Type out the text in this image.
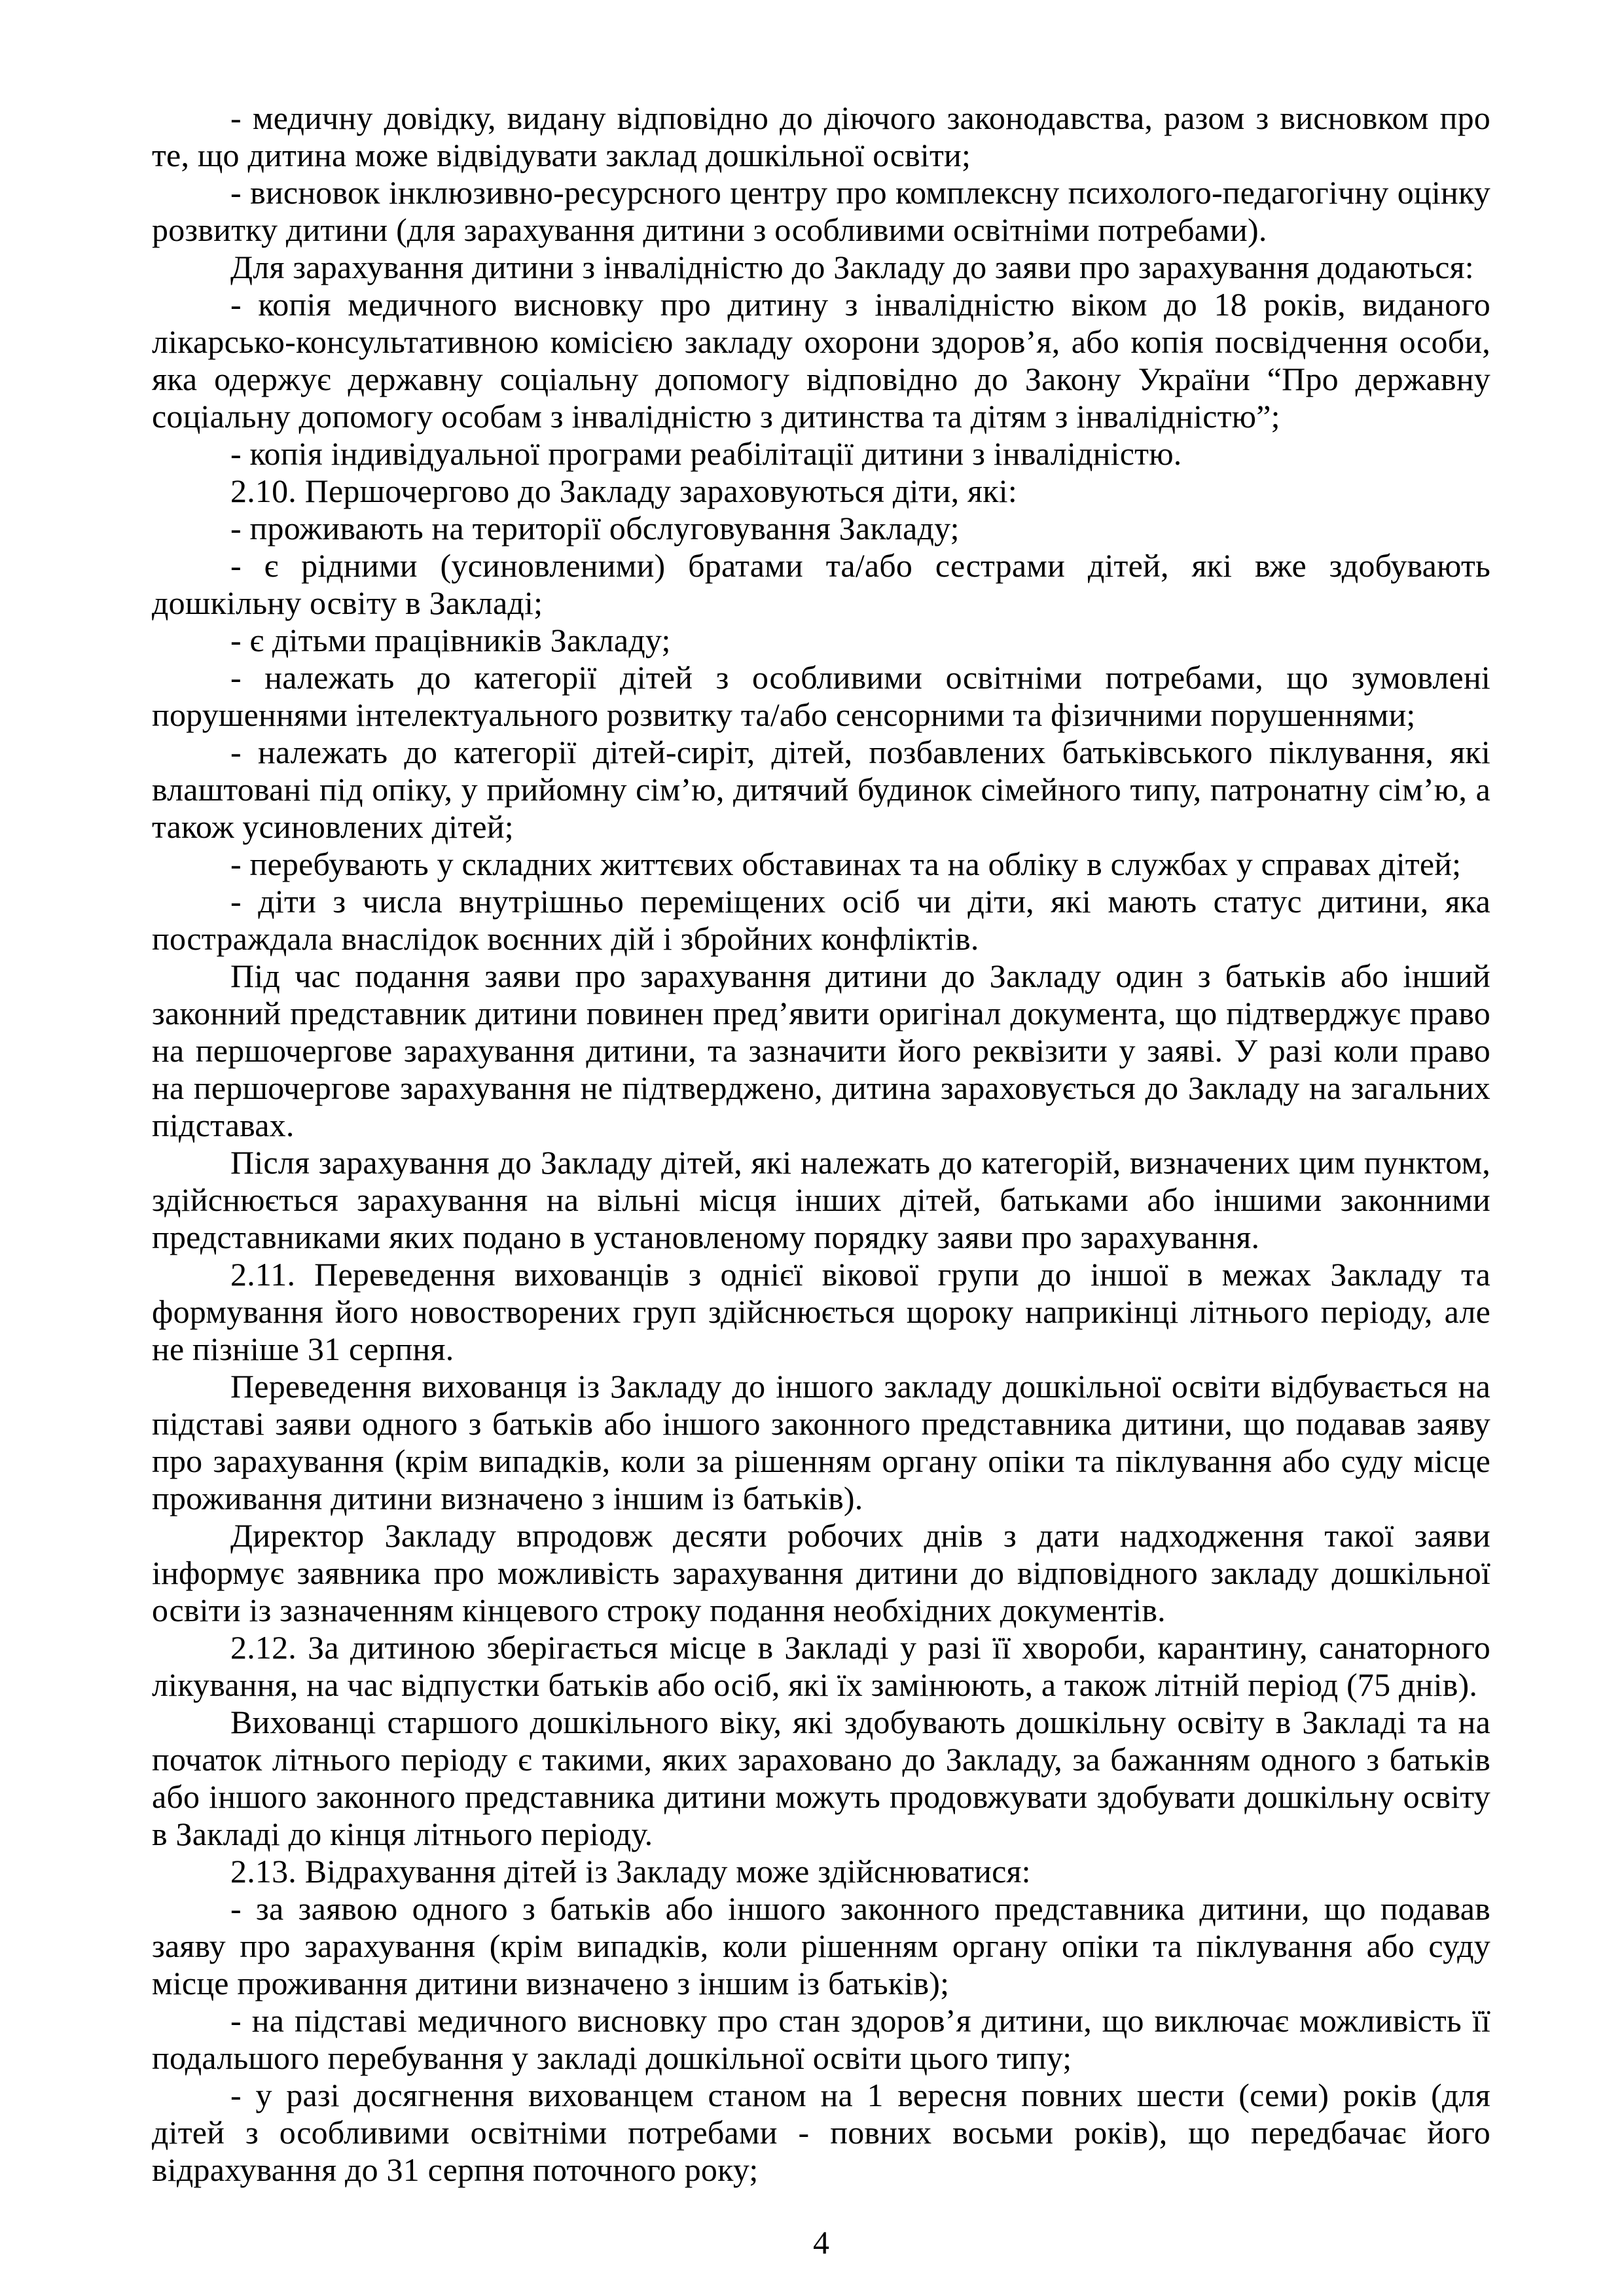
- медичну довідку, видану відповідно до діючого законодавства, разом з висновком про те, що дитина може відвідувати заклад дошкільної освіти;

- висновок інклюзивно-ресурсного центру про комплексну психолого-педагогічну оцінку розвитку дитини (для зарахування дитини з особливими освітніми потребами).

Для зарахування дитини з інвалідністю до Закладу до заяви про зарахування додаються:

- копія медичного висновку про дитину з інвалідністю віком до 18 років, виданого лікарсько-консультативною комісією закладу охорони здоров’я, або копія посвідчення особи, яка одержує державну соціальну допомогу відповідно до Закону України “Про державну соціальну допомогу особам з інвалідністю з дитинства та дітям з інвалідністю”;

- копія індивідуальної програми реабілітації дитини з інвалідністю.

2.10. Першочергово до Закладу зараховуються діти, які:

- проживають на території обслуговування Закладу;

- є рідними (усиновленими) братами та/або сестрами дітей, які вже здобувають дошкільну освіту в Закладі;

- є дітьми працівників Закладу;

- належать до категорії дітей з особливими освітніми потребами, що зумовлені порушеннями інтелектуального розвитку та/або сенсорними та фізичними порушеннями;

- належать до категорії дітей-сиріт, дітей, позбавлених батьківського піклування, які влаштовані під опіку, у прийомну сім’ю, дитячий будинок сімейного типу, патронатну сім’ю, а також усиновлених дітей;

- перебувають у складних життєвих обставинах та на обліку в службах у справах дітей;

- діти з числа внутрішньо переміщених осіб чи діти, які мають статус дитини, яка постраждала внаслідок воєнних дій і збройних конфліктів.

Під час подання заяви про зарахування дитини до Закладу один з батьків або інший законний представник дитини повинен пред’явити оригінал документа, що підтверджує право на першочергове зарахування дитини, та зазначити його реквізити у заяві. У разі коли право на першочергове зарахування не підтверджено, дитина зараховується до Закладу на загальних підставах.

Після зарахування до Закладу дітей, які належать до категорій, визначених цим пунктом, здійснюється зарахування на вільні місця інших дітей, батьками або іншими законними представниками яких подано в установленому порядку заяви про зарахування.

2.11. Переведення вихованців з однієї вікової групи до іншої в межах Закладу та формування його новостворених груп здійснюється щороку наприкінці літнього періоду, але не пізніше 31 серпня.

Переведення вихованця із Закладу до іншого закладу дошкільної освіти відбувається на підставі заяви одного з батьків або іншого законного представника дитини, що подавав заяву про зарахування (крім випадків, коли за рішенням органу опіки та піклування або суду місце проживання дитини визначено з іншим із батьків).

Директор Закладу впродовж десяти робочих днів з дати надходження такої заяви інформує заявника про можливість зарахування дитини до відповідного закладу дошкільної освіти із зазначенням кінцевого строку подання необхідних документів.

2.12. За дитиною зберігається місце в Закладі у разі її хвороби, карантину, санаторного лікування, на час відпустки батьків або осіб, які їх замінюють, а також літній період (75 днів).

Вихованці старшого дошкільного віку, які здобувають дошкільну освіту в Закладі та на початок літнього періоду є такими, яких зараховано до Закладу, за бажанням одного з батьків або іншого законного представника дитини можуть продовжувати здобувати дошкільну освіту в Закладі до кінця літнього періоду.

2.13. Відрахування дітей із Закладу може здійснюватися:

- за заявою одного з батьків або іншого законного представника дитини, що подавав заяву про зарахування (крім випадків, коли рішенням органу опіки та піклування або суду місце проживання дитини визначено з іншим із батьків);

- на підставі медичного висновку про стан здоров’я дитини, що виключає можливість її подальшого перебування у закладі дошкільної освіти цього типу;

- у разі досягнення вихованцем станом на 1 вересня повних шести (семи) років (для дітей з особливими освітніми потребами - повних восьми років), що передбачає його відрахування до 31 серпня поточного року;

4
